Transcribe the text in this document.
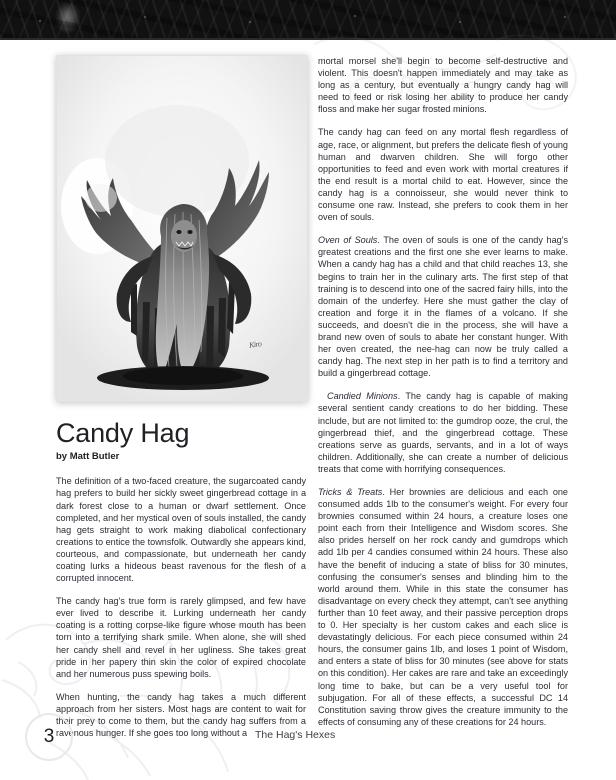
Kiro
Candy Hag
by Matt Butler

The definition of a two-faced creature, the sugarcoated candy hag prefers to build her sickly sweet gingerbread cottage in a dark forest close to a human or dwarf settlement. Once completed, and her mystical oven of souls installed, the candy hag gets straight to work making diabolical confectionary creations to entice the townsfolk. Outwardly she appears kind, courteous, and compassionate, but underneath her candy coating lurks a hideous beast ravenous for the flesh of a corrupted innocent.

The candy hag's true form is rarely glimpsed, and few have ever lived to describe it. Lurking underneath her candy coating is a rotting corpse-like figure whose mouth has been torn into a terrifying shark smile. When alone, she will shed her candy shell and revel in her ugliness. She takes great pride in her papery thin skin the color of expired chocolate and her numerous puss spewing boils.

When hunting, the candy hag takes a much different approach from her sisters. Most hags are content to wait for their prey to come to them, but the candy hag suffers from a ravenous hunger. If she goes too long without a

mortal morsel she'll begin to become self-destructive and violent. This doesn't happen immediately and may take as long as a century, but eventually a hungry candy hag will need to feed or risk losing her ability to produce her candy floss and make her sugar frosted minions.

The candy hag can feed on any mortal flesh regardless of age, race, or alignment, but prefers the delicate flesh of young human and dwarven children. She will forgo other opportunities to feed and even work with mortal creatures if the end result is a mortal child to eat. However, since the candy hag is a connoisseur, she would never think to consume one raw. Instead, she prefers to cook them in her oven of souls.

Oven of Souls. The oven of souls is one of the candy hag's greatest creations and the first one she ever learns to make. When a candy hag has a child and that child reaches 13, she begins to train her in the culinary arts. The first step of that training is to descend into one of the sacred fairy hills, into the domain of the underfey. Here she must gather the clay of creation and forge it in the flames of a volcano. If she succeeds, and doesn't die in the process, she will have a brand new oven of souls to abate her constant hunger. With her oven created, the nee-hag can now be truly called a candy hag. The next step in her path is to find a territory and build a gingerbread cottage.

Candied Minions. The candy hag is capable of making several sentient candy creations to do her bidding. These include, but are not limited to: the gumdrop ooze, the crul, the gingerbread thief, and the gingerbread cottage. These creations serve as guards, servants, and in a lot of ways children. Additionally, she can create a number of delicious treats that come with horrifying consequences.

Tricks & Treats. Her brownies are delicious and each one consumed adds 1lb to the consumer's weight. For every four brownies consumed within 24 hours, a creature loses one point each from their Intelligence and Wisdom scores. She also prides herself on her rock candy and gumdrops which add 1lb per 4 candies consumed within 24 hours. These also have the benefit of inducing a state of bliss for 30 minutes, confusing the consumer's senses and blinding him to the world around them. While in this state the consumer has disadvantage on every check they attempt, can't see anything further than 10 feet away, and their passive perception drops to 0. Her specialty is her custom cakes and each slice is devastatingly delicious. For each piece consumed within 24 hours, the consumer gains 1lb, and loses 1 point of Wisdom, and enters a state of bliss for 30 minutes (see above for stats on this condition). Her cakes are rare and take an exceedingly long time to bake, but can be a very useful tool for subjugation. For all of these effects, a successful DC 14 Constitution saving throw gives the creature immunity to the effects of consuming any of these creations for 24 hours.

3	The Hag's Hexes
